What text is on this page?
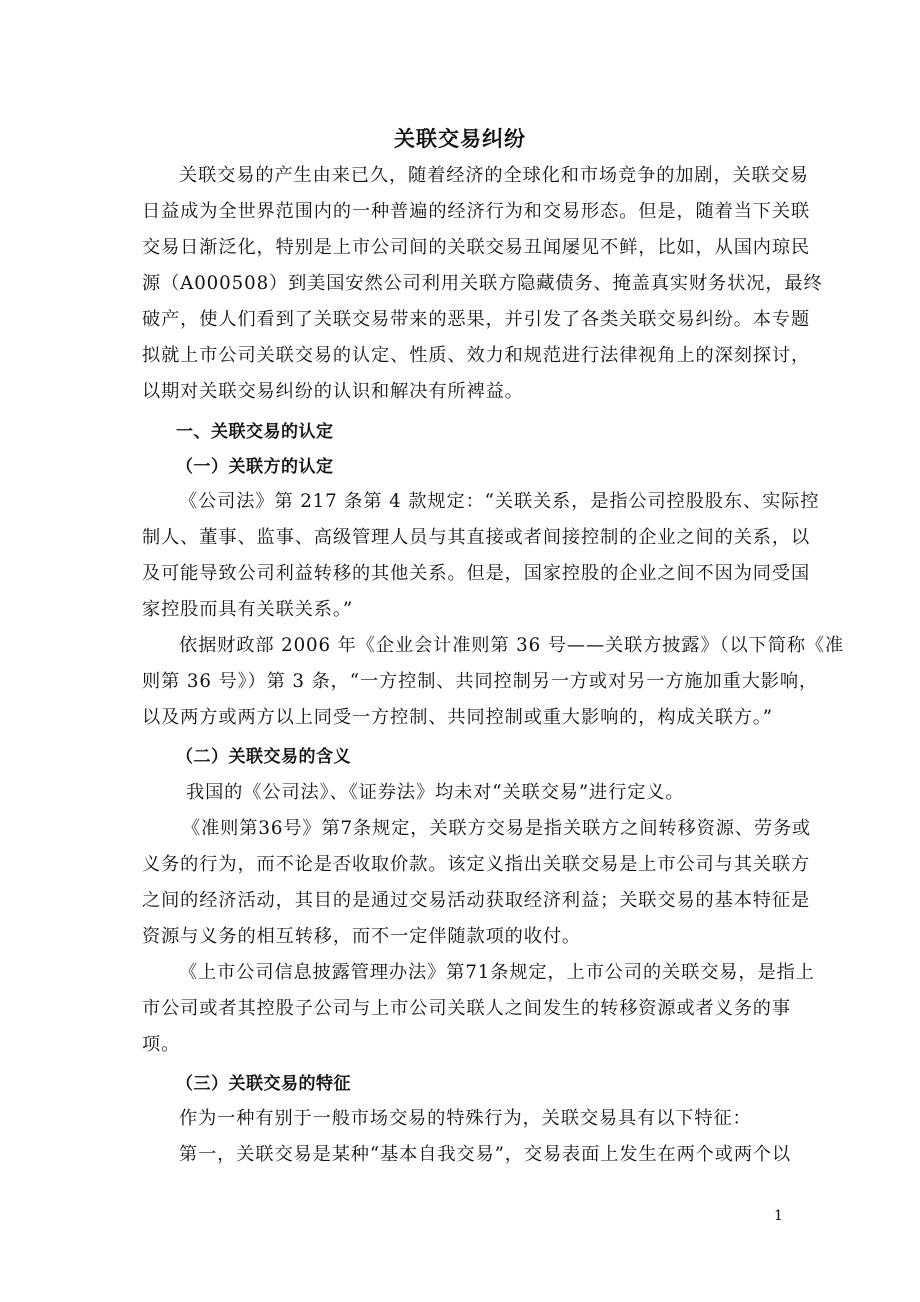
关联交易纠纷
关联交易的产生由来已久，随着经济的全球化和市场竞争的加剧，关联交易
日益成为全世界范围内的一种普遍的经济行为和交易形态。但是，随着当下关联
交易日渐泛化，特别是上市公司间的关联交易丑闻屡见不鲜，比如，从国内琼民
源（A000508）到美国安然公司利用关联方隐藏债务、掩盖真实财务状况，最终
破产，使人们看到了关联交易带来的恶果，并引发了各类关联交易纠纷。本专题
拟就上市公司关联交易的认定、性质、效力和规范进行法律视角上的深刻探讨，
以期对关联交易纠纷的认识和解决有所裨益。
一、关联交易的认定
（一）关联方的认定
《公司法》第 217 条第 4 款规定：“关联关系，是指公司控股股东、实际控
制人、董事、监事、高级管理人员与其直接或者间接控制的企业之间的关系，以
及可能导致公司利益转移的其他关系。但是，国家控股的企业之间不因为同受国
家控股而具有关联关系。”
依据财政部 2006 年《企业会计准则第 36 号——关联方披露》（以下简称《准
则第 36 号》）第 3 条，“一方控制、共同控制另一方或对另一方施加重大影响，
以及两方或两方以上同受一方控制、共同控制或重大影响的，构成关联方。”
（二）关联交易的含义
我国的《公司法》、《证券法》均未对“关联交易”进行定义。
《准则第36号》第7条规定，关联方交易是指关联方之间转移资源、劳务或
义务的行为，而不论是否收取价款。该定义指出关联交易是上市公司与其关联方
之间的经济活动，其目的是通过交易活动获取经济利益；关联交易的基本特征是
资源与义务的相互转移，而不一定伴随款项的收付。
《上市公司信息披露管理办法》第71条规定，上市公司的关联交易，是指上
市公司或者其控股子公司与上市公司关联人之间发生的转移资源或者义务的事
项。
（三）关联交易的特征
作为一种有别于一般市场交易的特殊行为，关联交易具有以下特征：
第一，关联交易是某种“基本自我交易”，交易表面上发生在两个或两个以
1
